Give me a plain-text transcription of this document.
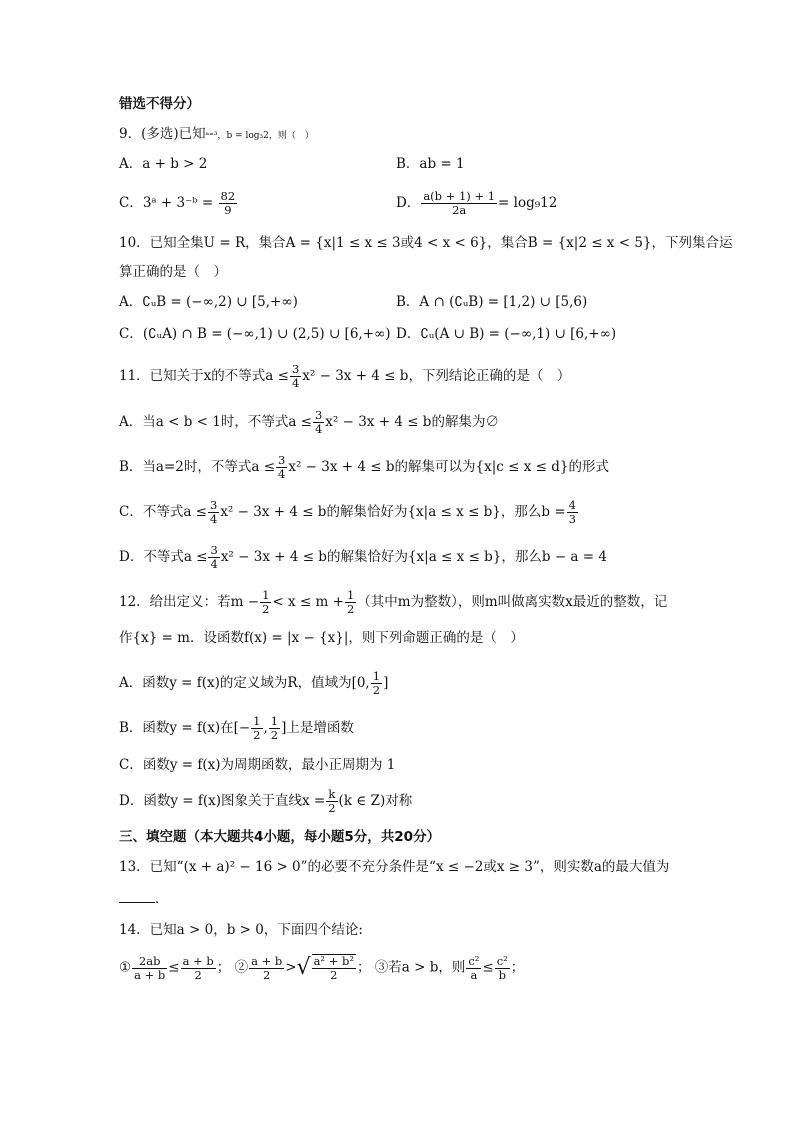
错选不得分）
9．(多选)已知ᵃ⁼³，b = log₃2，则（　）
A．a + b > 2	B．ab = 1
C．3ᵃ + 3⁻ᵇ = $\frac{82}{9}$	D． $\frac{a(b + 1) + 1}{2a} = \log_912$
10．已知全集U = R，集合A = {x|1 ≤ x ≤ 3或4 < x < 6}，集合B = {x|2 ≤ x < 5}，下列集合运
算正确的是（　）
A．∁ᵤB = (−∞,2) ∪ [5,+∞)	B．A ∩ (∁ᵤB) = [1,2) ∪ [5,6)
C．(∁ᵤA) ∩ B = (−∞,1) ∪ (2,5) ∪ [6,+∞) D．∁ᵤ(A ∪ B) = (−∞,1) ∪ [6,+∞)
11．已知关于x的不等式$a \le \frac{3}{4} x^2 - 3x + 4 \le b$，下列结论正确的是（　）
A．当a < b < 1时，不等式$a \le \frac{3}{4} x^2 - 3x + 4 \le b$的解集为∅
B．当a=2时，不等式$a \le \frac{3}{4} x^2 - 3x + 4 \le b$的解集可以为{x|c ≤ x ≤ d}的形式
C．不等式$a \le \frac{3}{4} x^2 - 3x + 4 \le b$的解集恰好为{x|a ≤ x ≤ b}，那么$b = \frac{4}{3}$
D．不等式$a \le \frac{3}{4} x^2 - 3x + 4 \le b$的解集恰好为{x|a ≤ x ≤ b}，那么b − a = 4
12．给出定义：若$m - \frac{1}{2} < x \le m + \frac{1}{2}$ （其中m为整数），则m叫做离实数x最近的整数，记
作{x} = m．设函数f(x) = |x − {x}|，则下列命题正确的是（　）
A．函数y = f(x)的定义域为R，值域为[0, $\frac{1}{2}$ ]
B．函数y = f(x)在[− $\frac{1}{2}$ , $\frac{1}{2}$ ]上是增函数
C．函数y = f(x)为周期函数，最小正周期为 1
D．函数y = f(x)图象关于直线$x = \frac{k}{2} (k$ ∈ Z)对称
三、填空题（本大题共4小题，每小题5分，共20分）
13．已知“(x + a)² − 16 > 0”的必要不充分条件是“x ≤ −2或x ≥ 3”，则实数a的最大值为
．
14．已知a > 0，b > 0，下面四个结论:
① $\frac{2ab}{a + b} \le \frac{a + b}{2}$ ； ② $\frac{a + b}{2}$ >√ $\frac{\text{a² + b²}}{2}$ ； ③若a > b，则 $\frac{\text{c²}}{a} \le \frac{\text{c²}}{b}$ ；
